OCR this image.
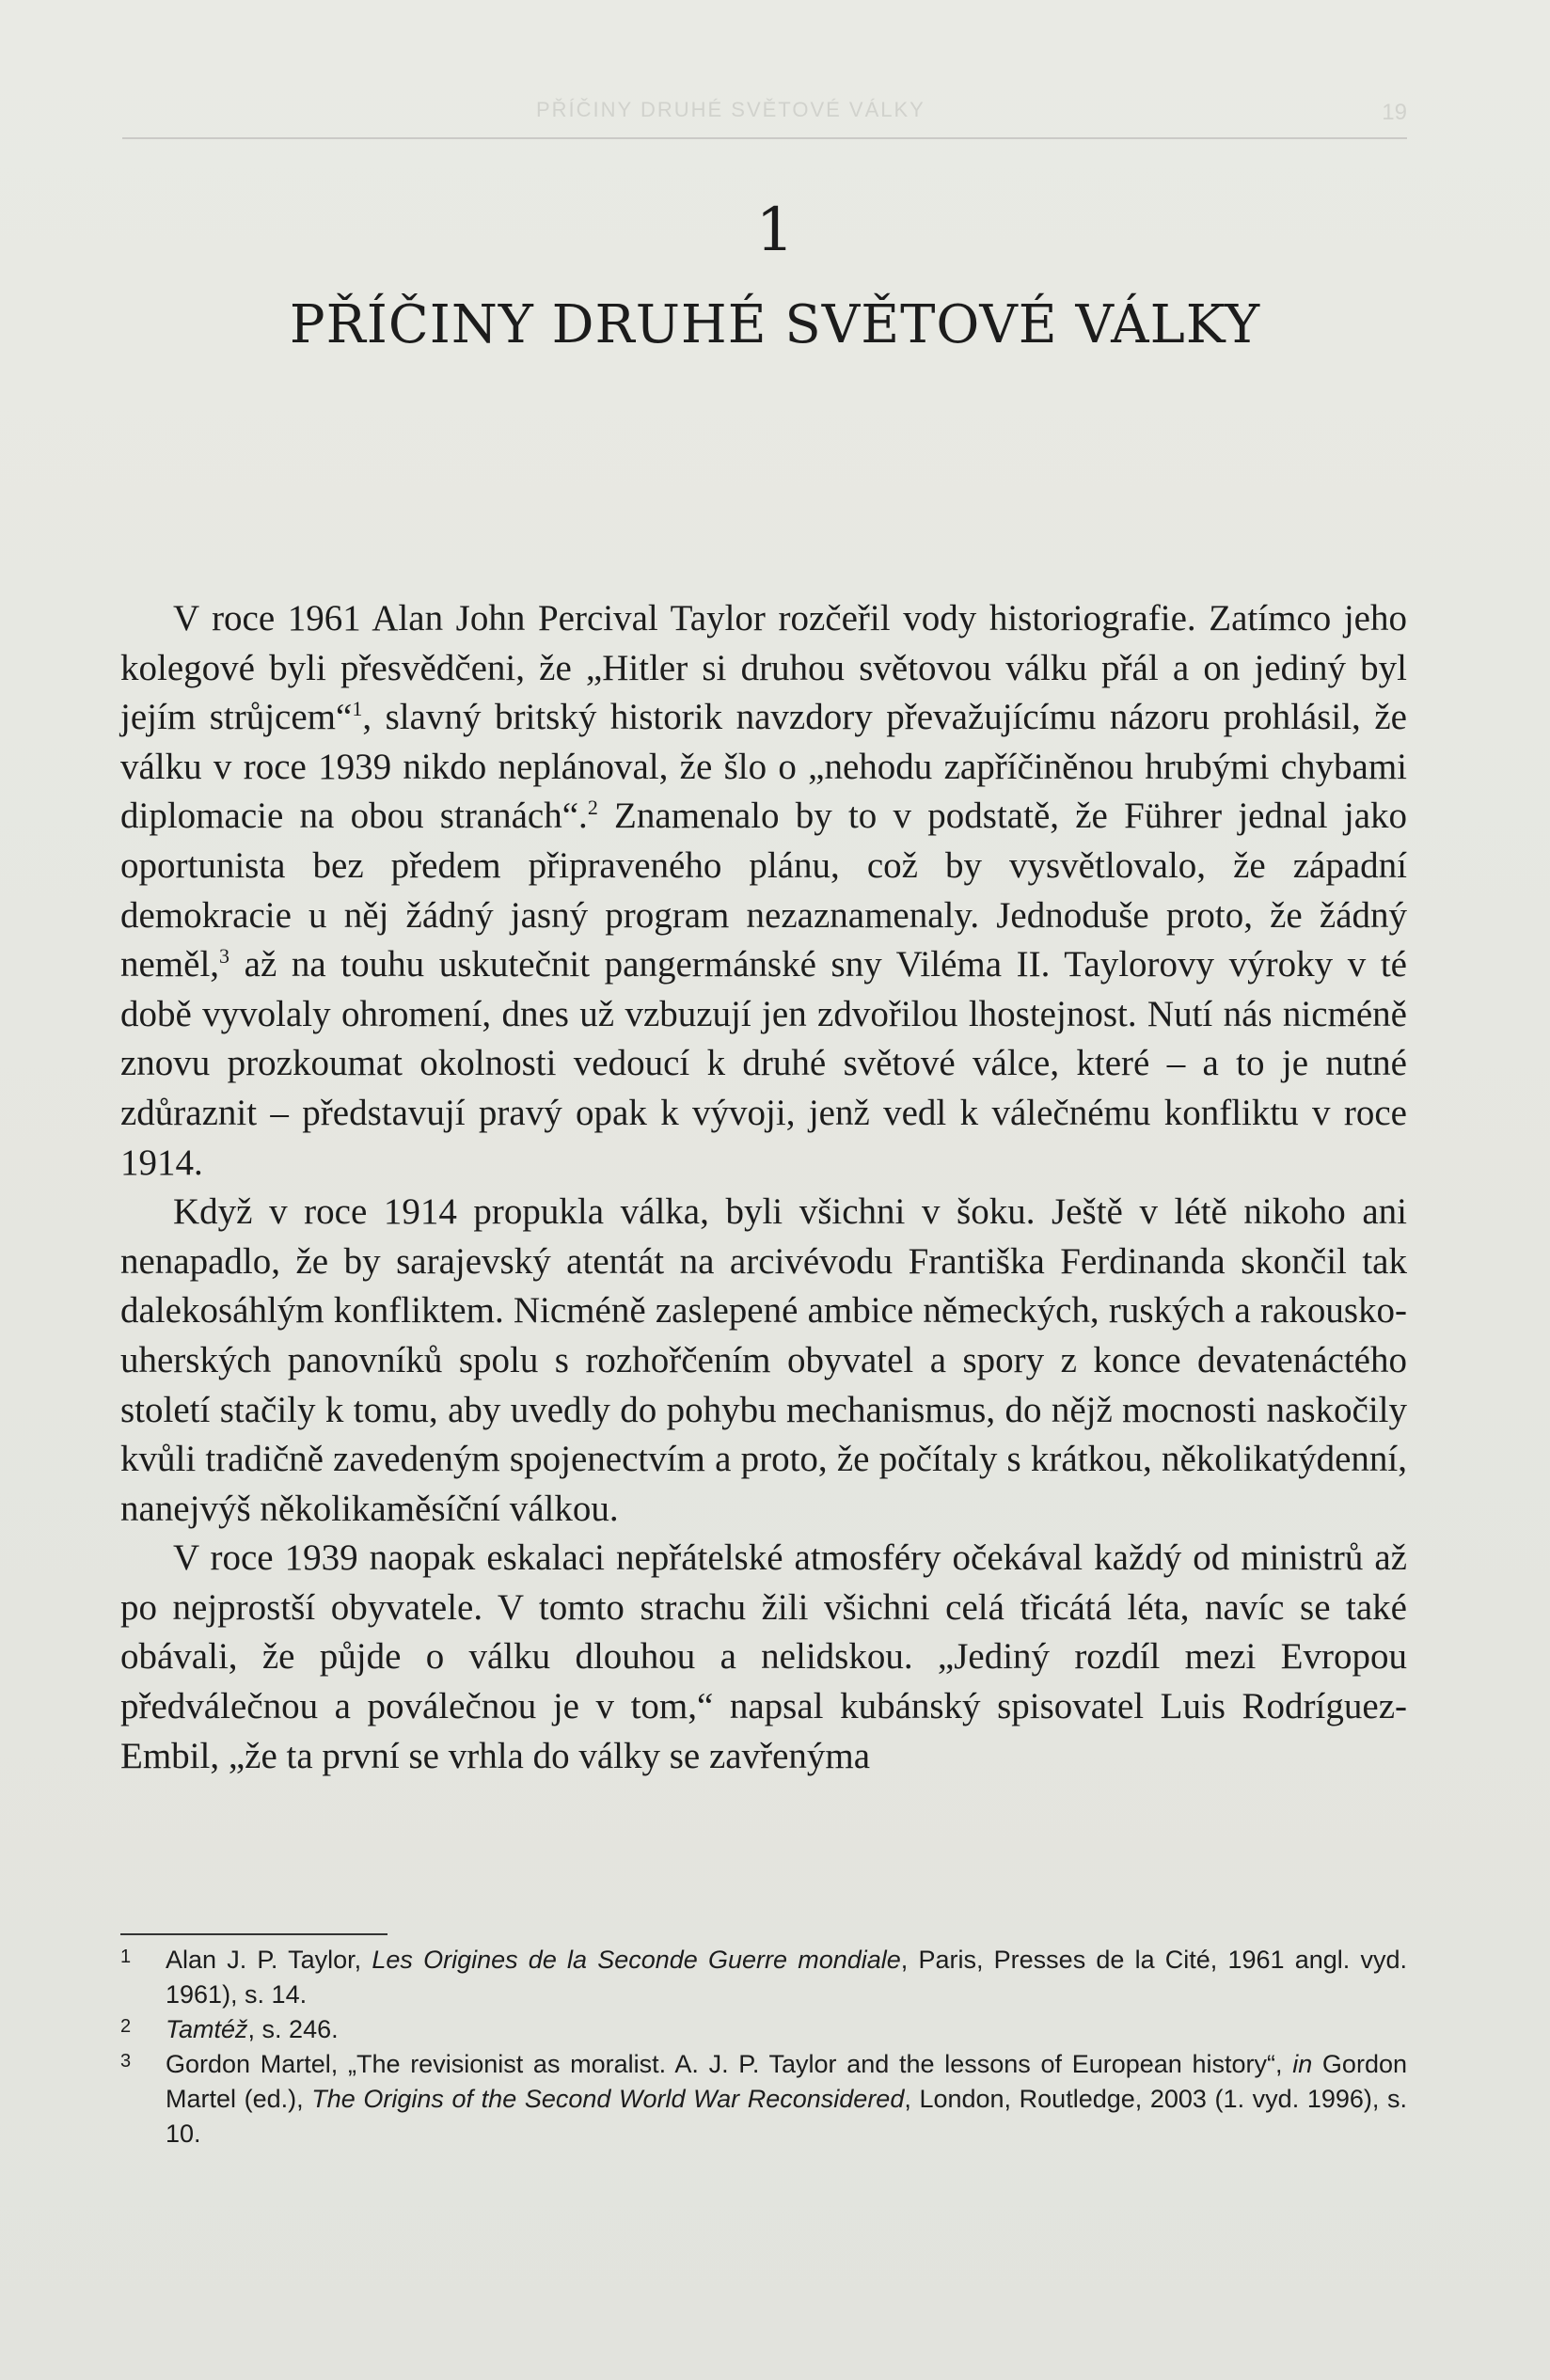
PŘÍČINY DRUHÉ SVĚTOVÉ VÁLKY	19
1
PŘÍČINY DRUHÉ SVĚTOVÉ VÁLKY

V roce 1961 Alan John Percival Taylor rozčeřil vody historiografie. Zatímco jeho kolegové byli přesvědčeni, že „Hitler si druhou světovou válku přál a on jediný byl jejím strůjcem“$^1$, slavný britský historik navzdory převažujícímu názoru prohlásil, že válku v roce 1939 nikdo neplánoval, že šlo o „nehodu zapříčiněnou hrubými chybami diplomacie na obou stranách“.$^2$ Znamenalo by to v podstatě, že Führer jednal jako oportunista bez předem připraveného plánu, což by vysvětlovalo, že západní demokracie u něj žádný jasný program nezaznamenaly. Jednoduše proto, že žádný neměl,$^3$ až na touhu uskutečnit pangermánské sny Viléma II. Taylorovy výroky v té době vyvolaly ohromení, dnes už vzbuzují jen zdvořilou lhostejnost. Nutí nás nicméně znovu prozkoumat okolnosti vedoucí k druhé světové válce, které – a to je nutné zdůraznit – představují pravý opak k vývoji, jenž vedl k válečnému konfliktu v roce 1914.

Když v roce 1914 propukla válka, byli všichni v šoku. Ještě v létě nikoho ani nenapadlo, že by sarajevský atentát na arcivévodu Františka Ferdinanda skončil tak dalekosáhlým konfliktem. Nicméně zaslepené ambice německých, ruských a rakousko-uherských panovníků spolu s rozhořčením obyvatel a spory z konce devatenáctého století stačily k tomu, aby uvedly do pohybu mechanismus, do nějž mocnosti naskočily kvůli tradičně zavedeným spojenectvím a proto, že počítaly s krátkou, několikatýdenní, nanejvýš několikaměsíční válkou.

V roce 1939 naopak eskalaci nepřátelské atmosféry očekával každý od ministrů až po nejprostší obyvatele. V tomto strachu žili všichni celá třicátá léta, navíc se také obávali, že půjde o válku dlouhou a nelidskou. „Jediný rozdíl mezi Evropou předválečnou a poválečnou je v tom,“ napsal kubánský spisovatel Luis Rodríguez-Embil, „že ta první se vrhla do války se zavřenýma

1 Alan J. P. Taylor, Les Origines de la Seconde Guerre mondiale, Paris, Presses de la Cité, 1961 angl. vyd. 1961), s. 14.
2 Tamtéž, s. 246.
3 Gordon Martel, „The revisionist as moralist. A. J. P. Taylor and the lessons of European history“, in Gordon Martel (ed.), The Origins of the Second World War Reconsidered, London, Routledge, 2003 (1. vyd. 1996), s. 10.
